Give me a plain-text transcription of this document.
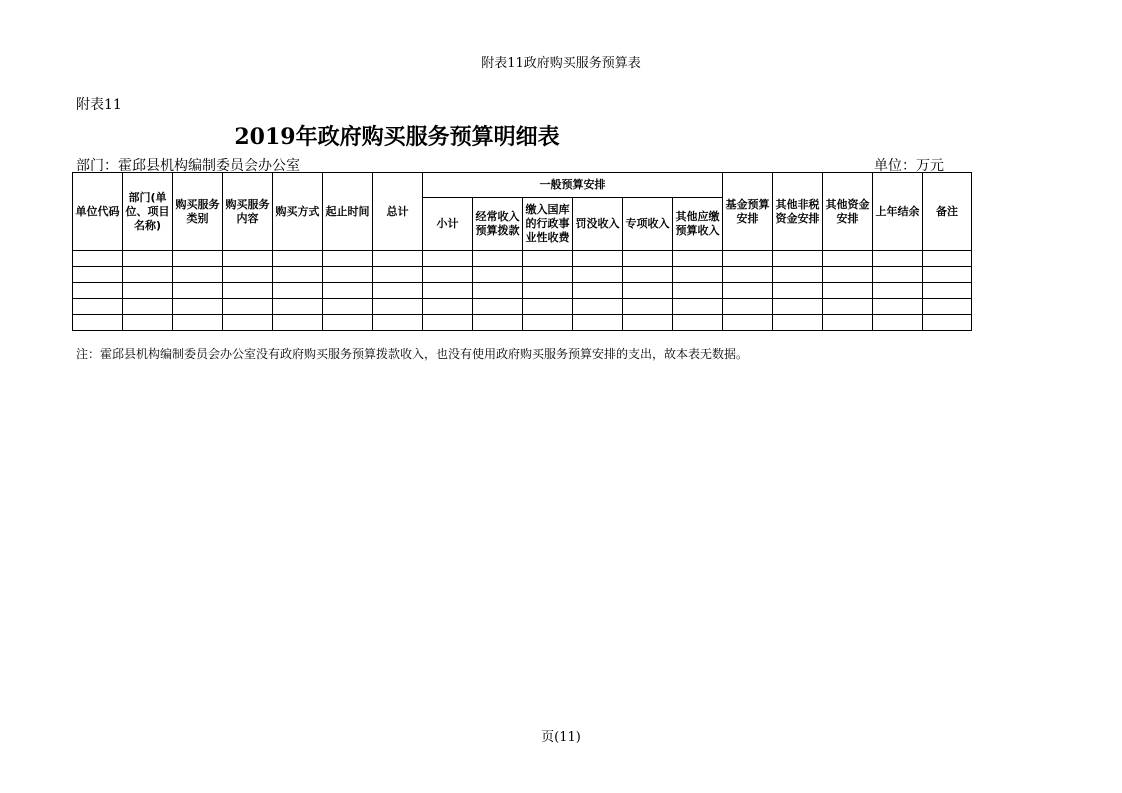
附表11政府购买服务预算表
附表11
2019年政府购买服务预算明细表
部门：霍邱县机构编制委员会办公室	单位：万元
单位代码	部门(单位、项目名称)	购买服务类别	购买服务内容	购买方式	起止时间	总计	一般预算安排						基金预算安排	其他非税资金安排	其他资金安排	上年结余	备注
							小计	经常收入预算拨款	缴入国库的行政事业性收费	罚没收入	专项收入	其他应缴预算收入					

注：霍邱县机构编制委员会办公室没有政府购买服务预算拨款收入，也没有使用政府购买服务预算安排的支出，故本表无数据。
页(11)
